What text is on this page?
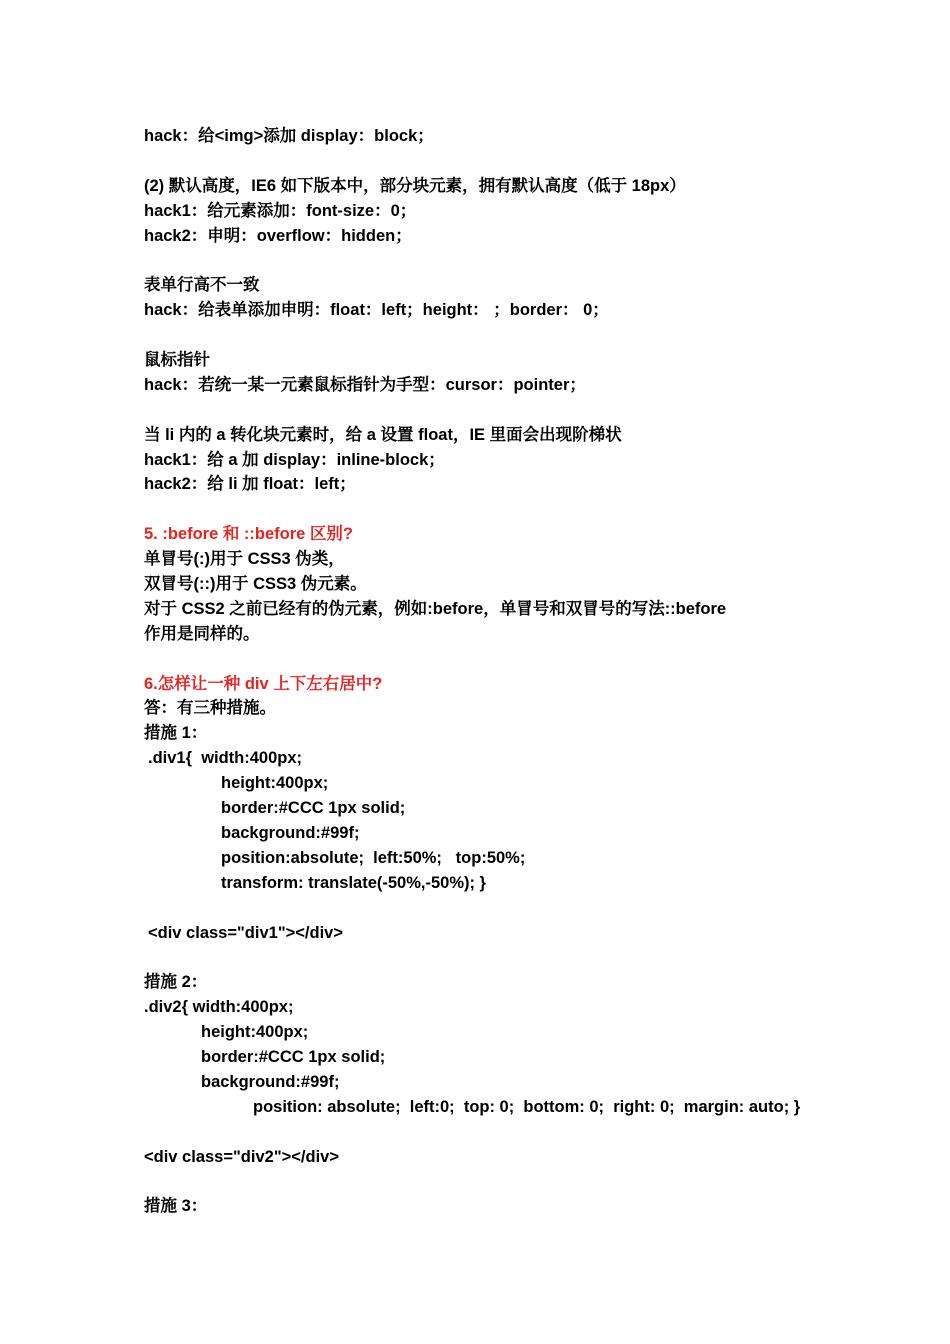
hack：给<img>添加 display：block；
(2) 默认高度，IE6 如下版本中，部分块元素，拥有默认高度（低于 18px）
hack1：给元素添加：font-size：0；
hack2：申明：overflow：hidden；
表单行高不一致
hack：给表单添加申明：float：left；height： ；border： 0；
鼠标指针
hack：若统一某一元素鼠标指针为手型：cursor：pointer；
当 li 内的 a 转化块元素时，给 a 设置 float，IE 里面会出现阶梯状
hack1：给 a 加 display：inline-block；
hack2：给 li 加 float：left；
5. :before 和 ::before 区别?
单冒号(:)用于 CSS3 伪类，
双冒号(::)用于 CSS3 伪元素。
对于 CSS2 之前已经有的伪元素，例如:before，单冒号和双冒号的写法::before
作用是同样的。
6.怎样让一种 div 上下左右居中?
答：有三种措施。
措施 1：
.div1{  width:400px;
height:400px;
border:#CCC 1px solid;
background:#99f;
position:absolute;  left:50%;   top:50%;
transform: translate(-50%,-50%); }
<div class="div1"></div>
措施 2：
.div2{ width:400px;
height:400px;
border:#CCC 1px solid;
background:#99f;
position: absolute;  left:0;  top: 0;  bottom: 0;  right: 0;  margin: auto; }
<div class="div2"></div>
措施 3：
